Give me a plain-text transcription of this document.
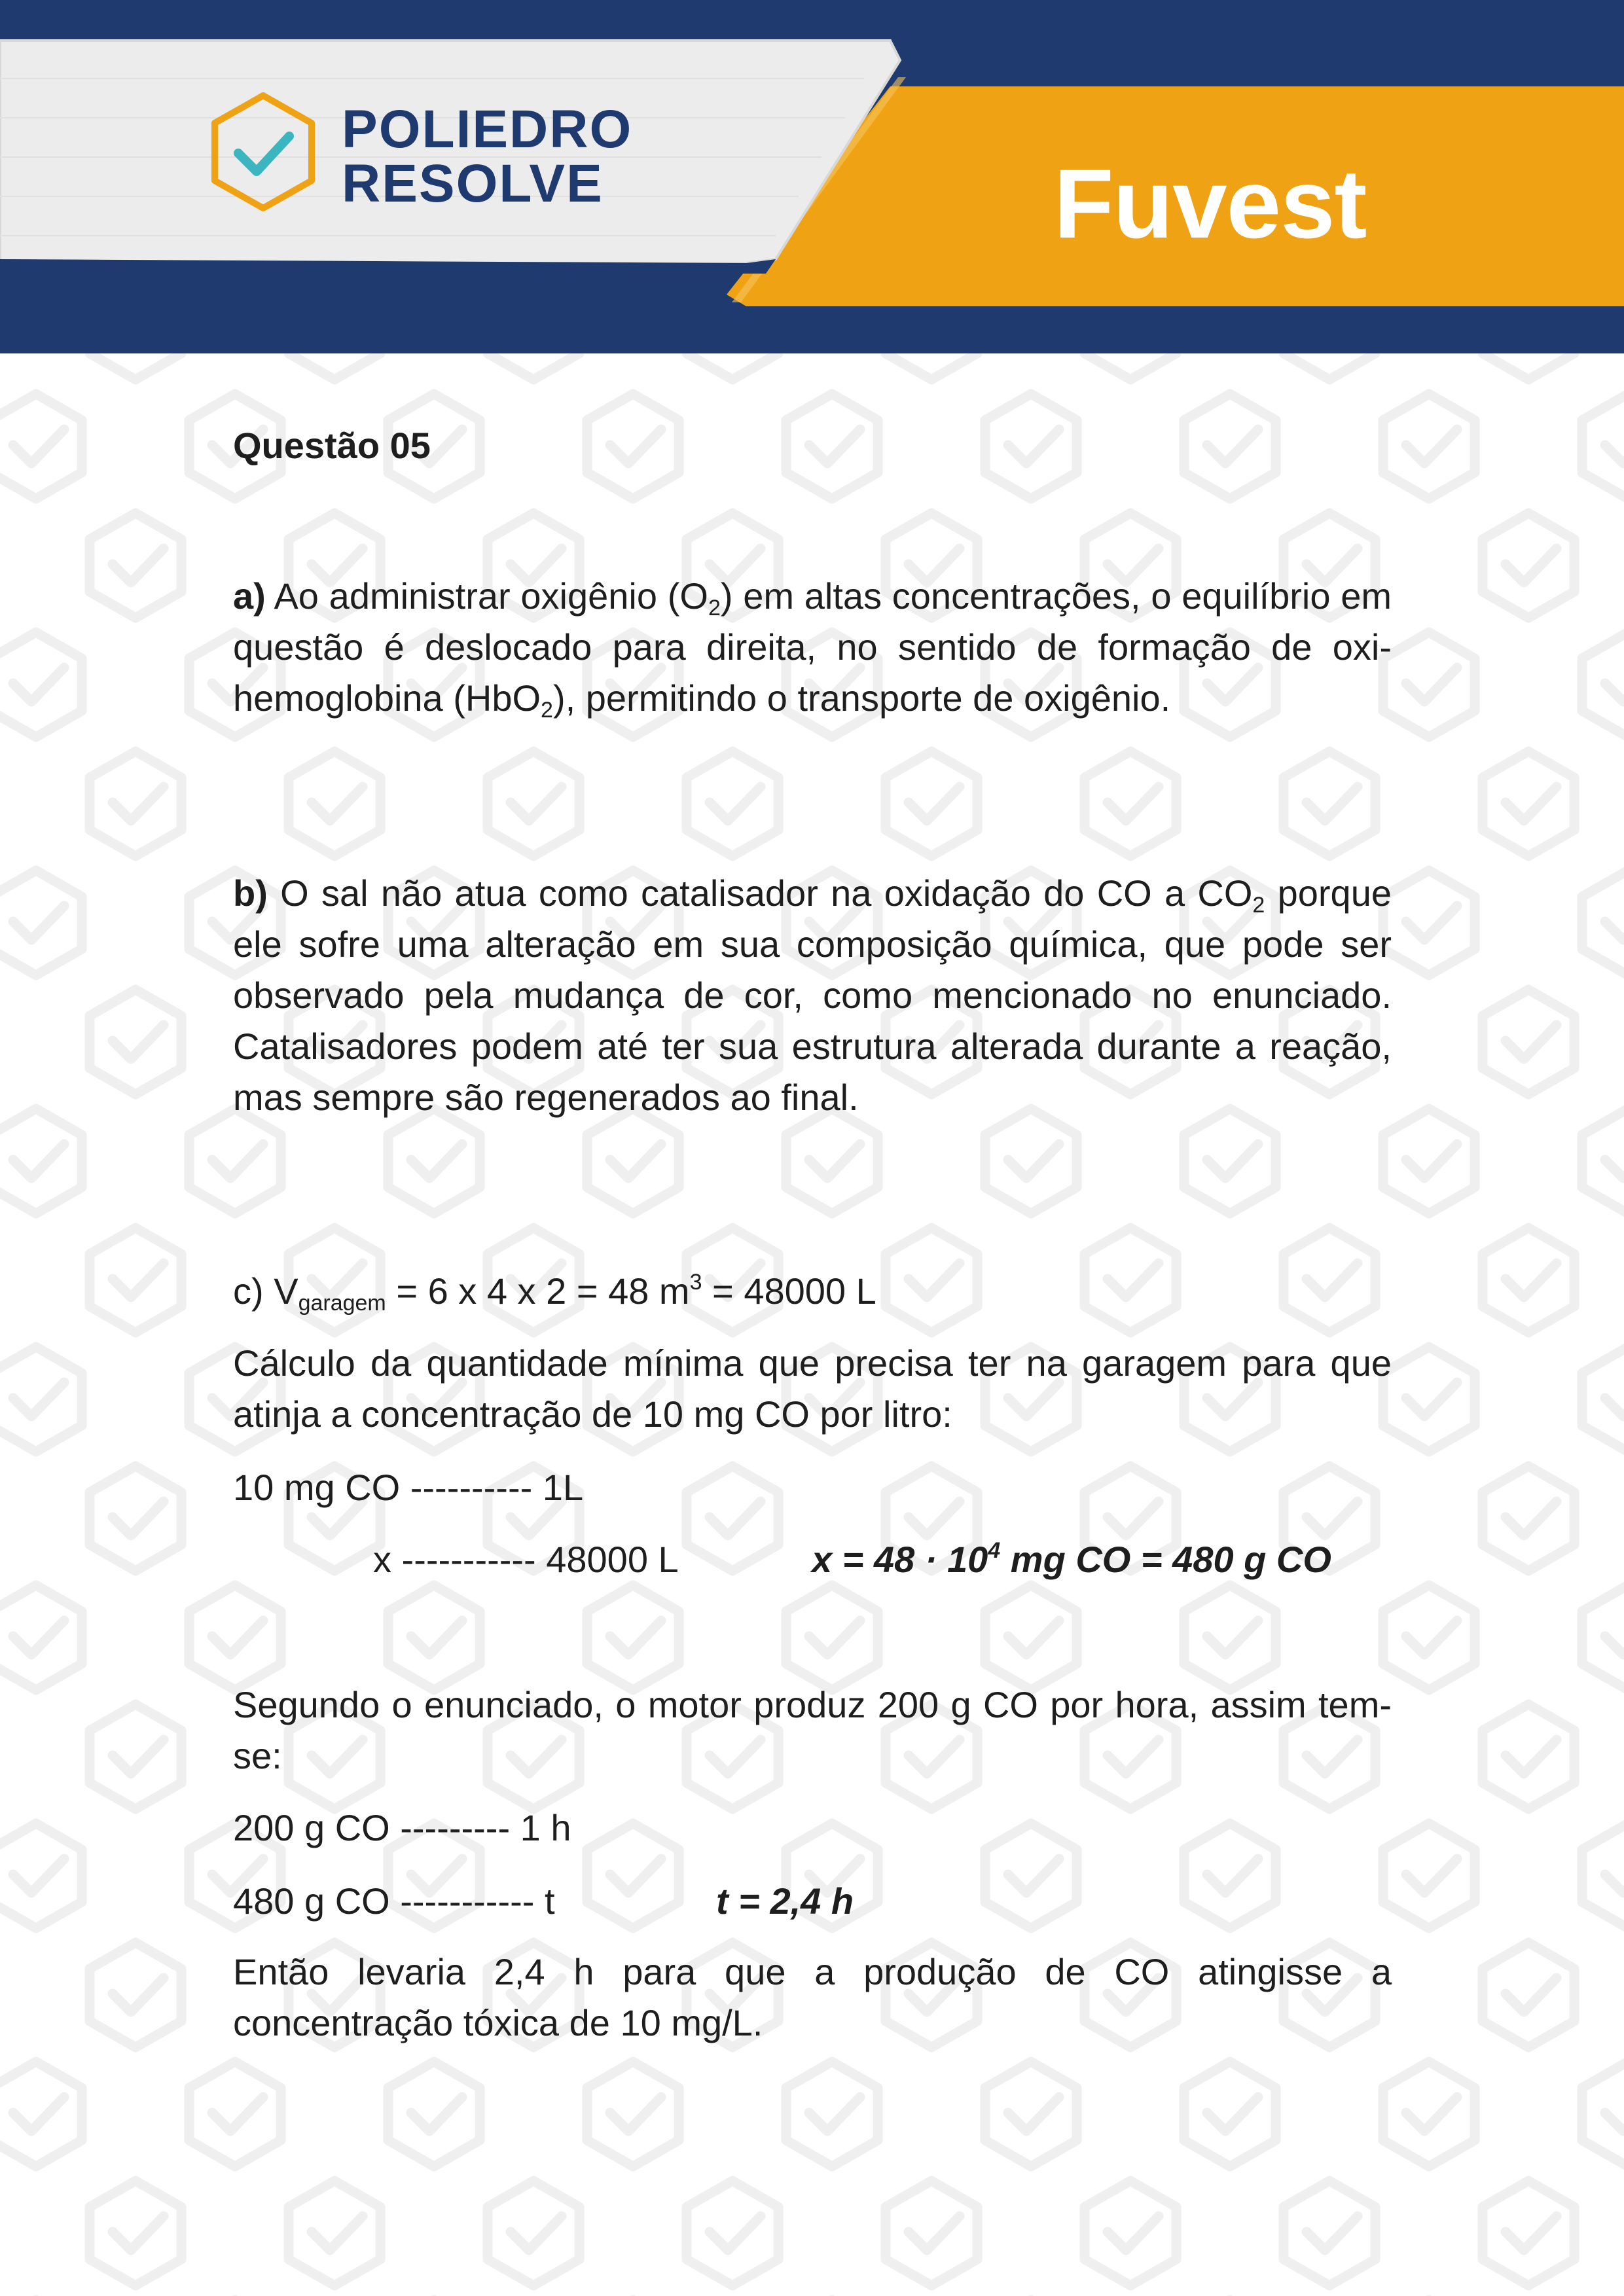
POLIEDRO
RESOLVE	Fuvest
Questão 05

a) Ao administrar oxigênio $(O_2)$ em altas concentrações, o equilíbrio em questão é deslocado para direita, no sentido de formação de oxi-hemoglobina (HbO$_2$), permitindo o transporte de oxigênio.

b) O sal não atua como catalisador na oxidação do CO a $CO_2$ porque ele sofre uma alteração em sua composição química, que pode ser observado pela mudança de cor, como mencionado no enunciado. Catalisadores podem até ter sua estrutura alterada durante a reação, mas sempre são regenerados ao final.

c) $V_{garagem} = 6$ x 4 x 2 = 48 $m^3 = 48000$ L

Cálculo da quantidade mínima que precisa ter na garagem para que atinja a concentração de 10 mg CO por litro:

10 mg CO ---------- 1L

x ----------- 48000 L	$x = 48 \cdot 10^4$ mg CO = 480 g CO

Segundo o enunciado, o motor produz 200 g CO por hora, assim tem-se:

200 g CO --------- 1 h

480 g CO ----------- t	t = 2,4 h

Então levaria 2,4 h para que a produção de CO atingisse a concentração tóxica de 10 mg/L.
